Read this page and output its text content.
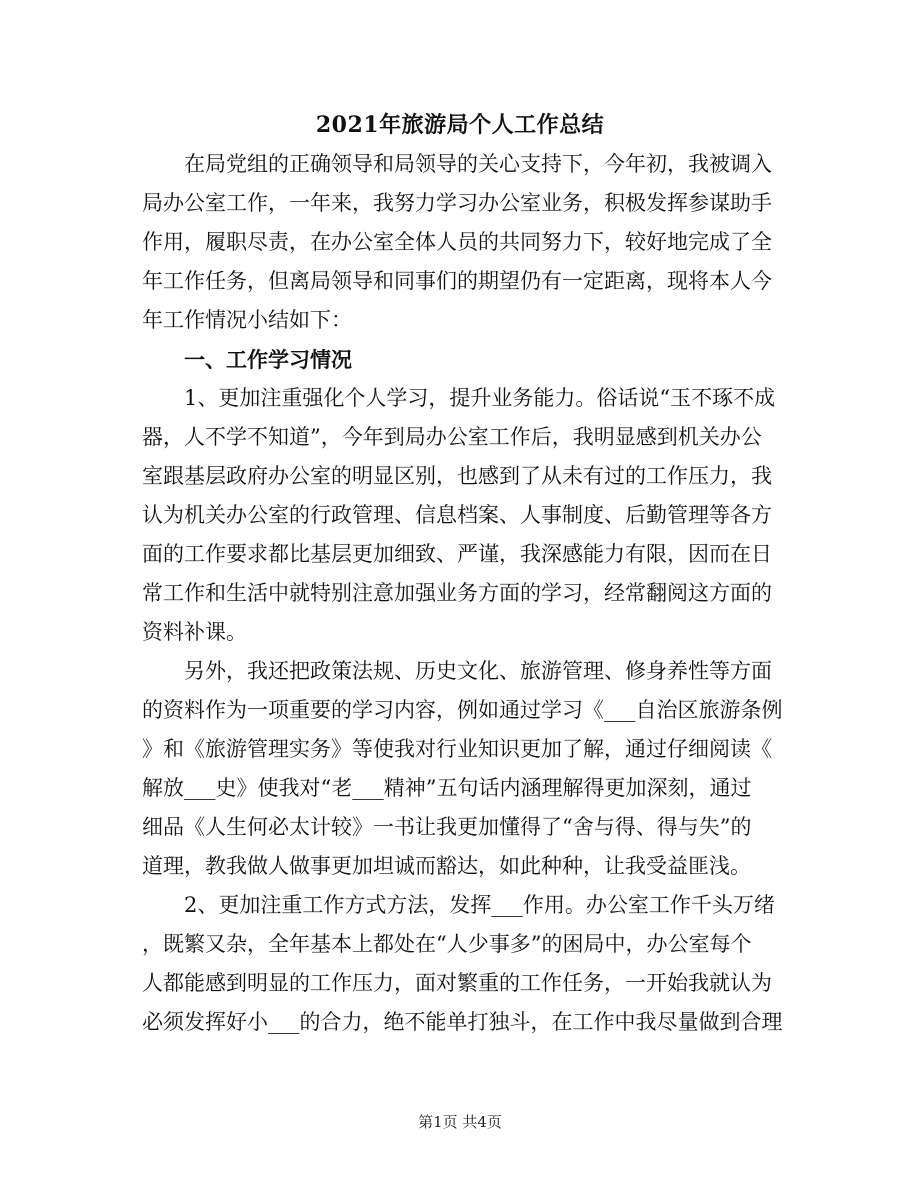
2021年旅游局个人工作总结
在局党组的正确领导和局领导的关心支持下，今年初，我被调入
局办公室工作，一年来，我努力学习办公室业务，积极发挥参谋助手
作用，履职尽责，在办公室全体人员的共同努力下，较好地完成了全
年工作任务，但离局领导和同事们的期望仍有一定距离，现将本人今
年工作情况小结如下：
一、工作学习情况
1、更加注重强化个人学习，提升业务能力。俗话说“玉不琢不成
器，人不学不知道”，今年到局办公室工作后，我明显感到机关办公
室跟基层政府办公室的明显区别，也感到了从未有过的工作压力，我
认为机关办公室的行政管理、信息档案、人事制度、后勤管理等各方
面的工作要求都比基层更加细致、严谨，我深感能力有限，因而在日
常工作和生活中就特别注意加强业务方面的学习，经常翻阅这方面的
资料补课。
另外，我还把政策法规、历史文化、旅游管理、修身养性等方面
的资料作为一项重要的学习内容，例如通过学习《___自治区旅游条例
》和《旅游管理实务》等使我对行业知识更加了解，通过仔细阅读《
解放___史》使我对“老___精神”五句话内涵理解得更加深刻，通过
细品《人生何必太计较》一书让我更加懂得了“舍与得、得与失”的
道理，教我做人做事更加坦诚而豁达，如此种种，让我受益匪浅。
2、更加注重工作方式方法，发挥___作用。办公室工作千头万绪
，既繁又杂，全年基本上都处在“人少事多”的困局中，办公室每个
人都能感到明显的工作压力，面对繁重的工作任务，一开始我就认为
必须发挥好小___的合力，绝不能单打独斗，在工作中我尽量做到合理
第1页 共4页
